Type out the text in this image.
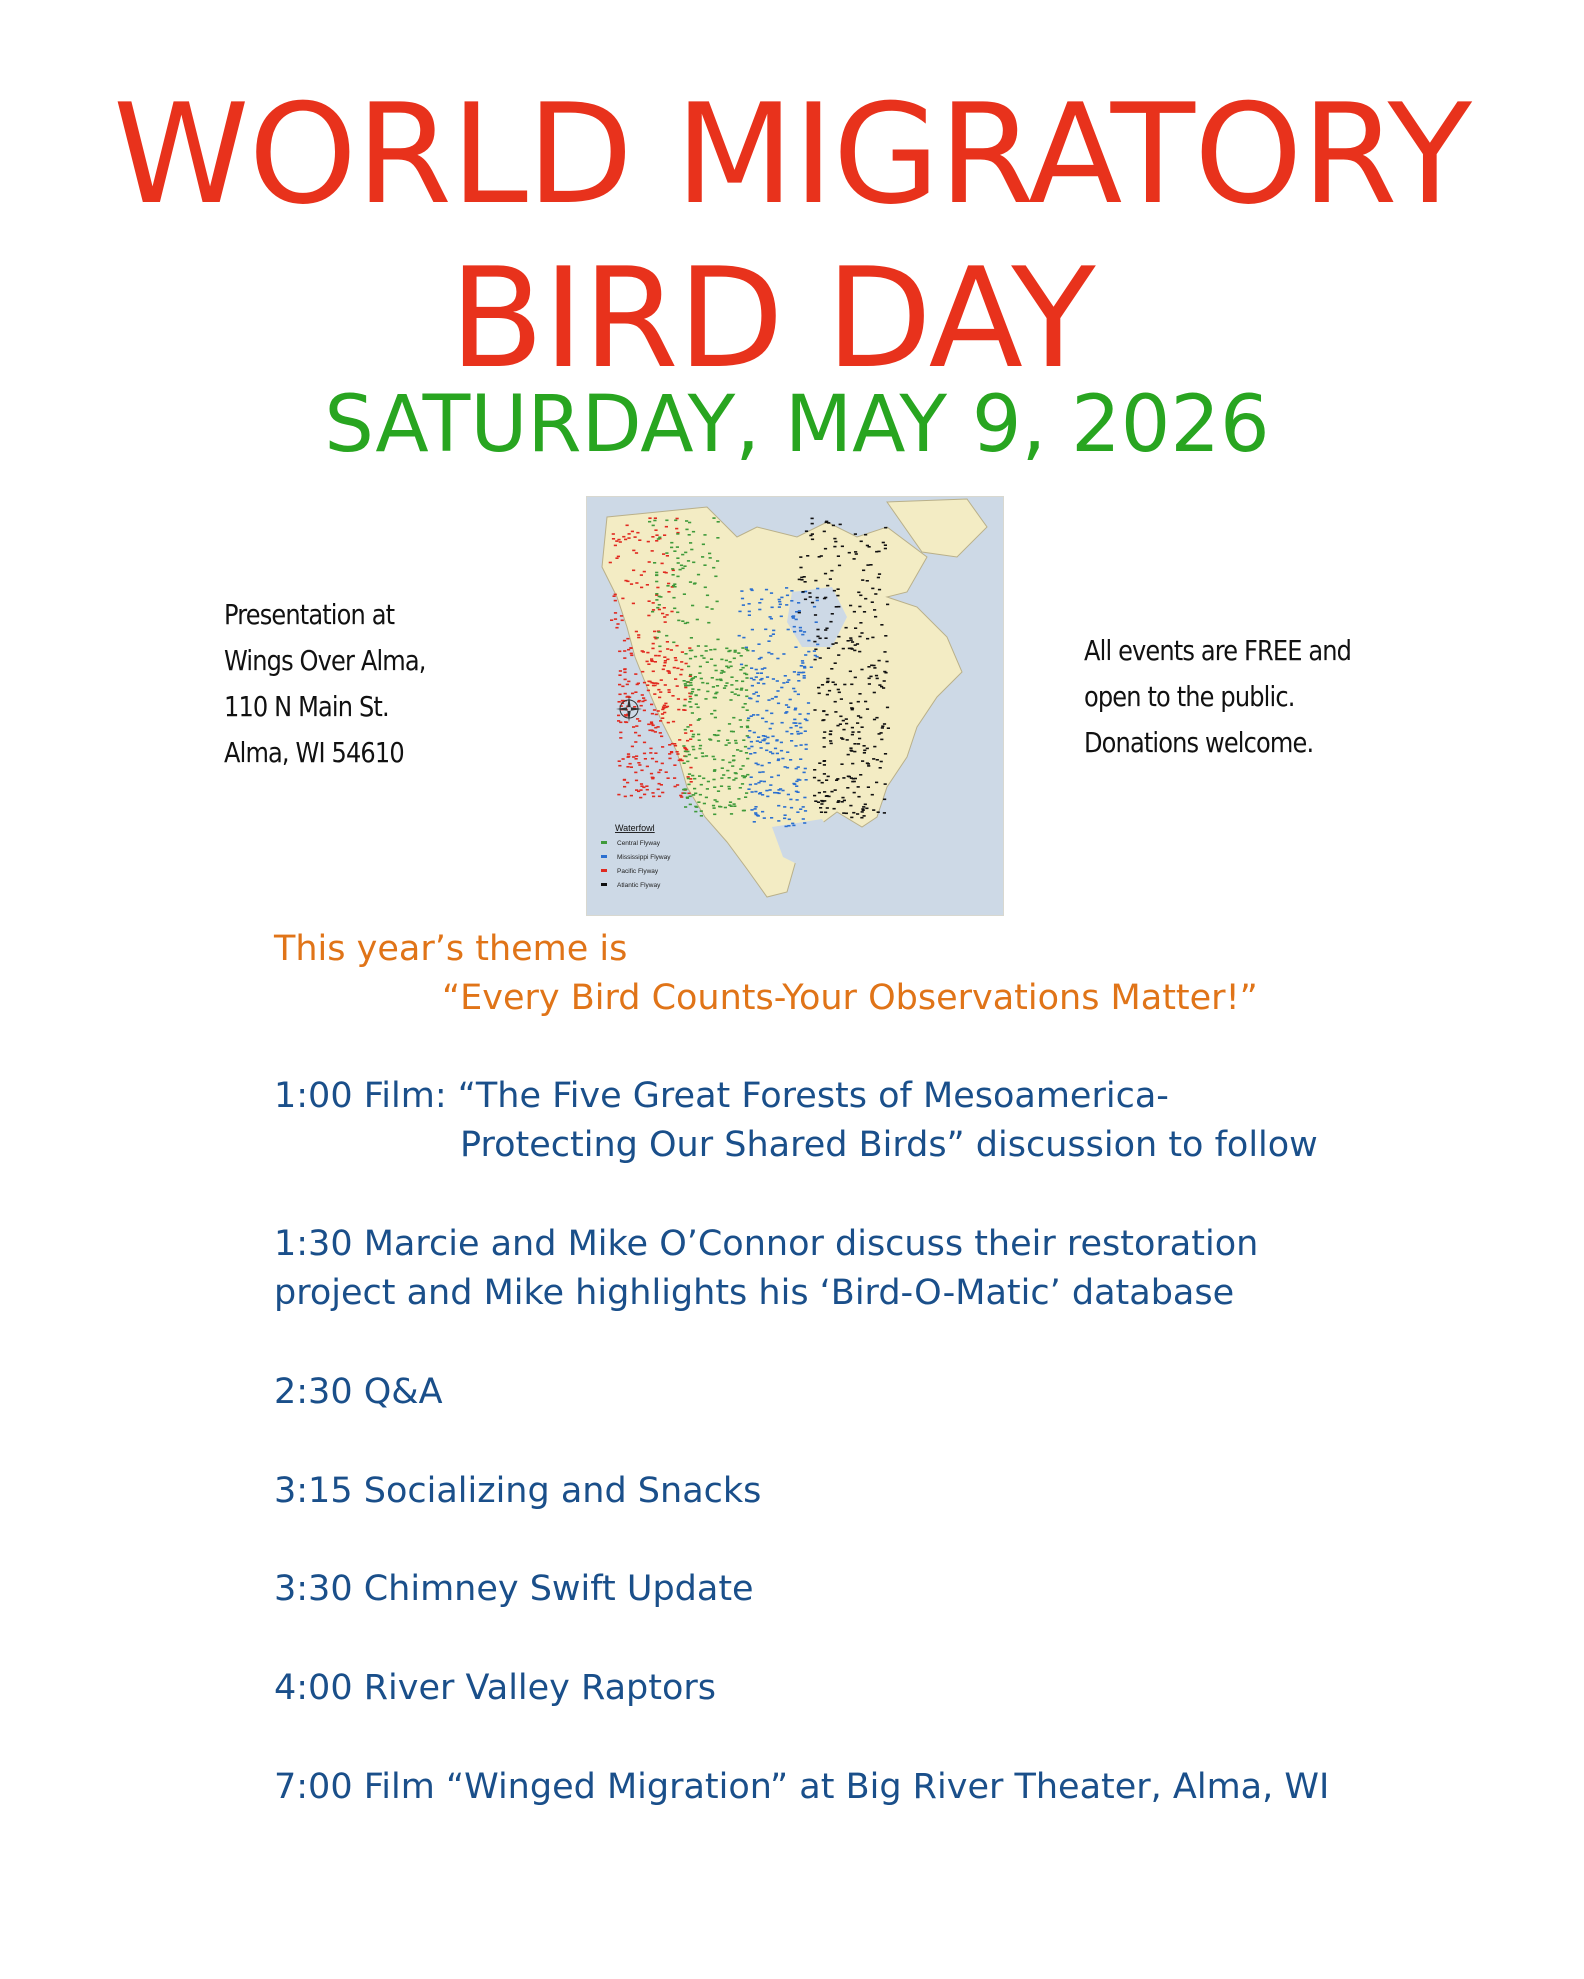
WORLD MIGRATORY
BIRD DAY
SATURDAY, MAY 9, 2026
Presentation at
Wings Over Alma,
110 N Main St.
Alma, WI 54610
All events are FREE and
open to the public.
Donations welcome.
Waterfowl
Central Flyway
Mississippi Flyway
Pacific Flyway
Atlantic Flyway
This year’s theme is
“Every Bird Counts-Your Observations Matter!”
1:00 Film: “The Five Great Forests of Mesoamerica-
Protecting Our Shared Birds” discussion to follow
1:30 Marcie and Mike O’Connor discuss their restoration
project and Mike highlights his ‘Bird-O-Matic’ database
2:30 Q&A
3:15 Socializing and Snacks
3:30 Chimney Swift Update
4:00 River Valley Raptors
7:00 Film “Winged Migration” at Big River Theater, Alma, WI
